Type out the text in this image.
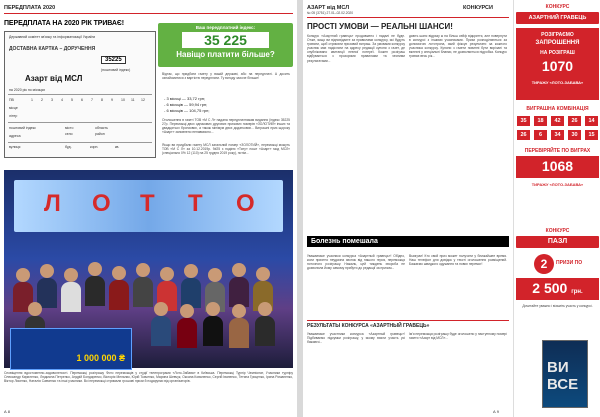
ПЕРЕДПЛАТА 2020
ПЕРЕДПЛАТА НА 2020 РІК ТРИВАЄ!
Державний комітет зв'язку та інформатизації України
ДОСТАВНА КАРТКА – ДОРУЧЕННЯ
35225
(поштовий індекс)
Азарт від МСЛ
на 2020 рік по місяцях
ПВ
місце
літер
1 2 3 4 5 6 7 8 9 10 11 12
поштовий індекс
адреса
місто
село
область
район
вулиця	буд.	корп.	кв.
Ваш передплатний індекс:
35 225
Навіщо платити більше?
Відтак, що придбати газету у вашій державі, або на передплаті. А досить ознайомитися з вартістю передплати. Ту вигоду захоче більше!
- 3 місяці — 33,72 грн;
- 6 місяців — 59,94 грн;
- 6 місяців — 104,75 грн;
Оголошення в газеті ТОВ «М С Л» надана передплатникам видання (індекс 35225 27р. Переможці двох однакових другових призових номерів «ЗОЛОТИЙ» інших та двадцятьох бронзових, а також мінімум двох додаткових... Виграшні приз щороку «Азарт» заповнено ненавмисно...
Якщо ви придбали газету МСЛ загальний номер «ЗОЛОТИЙ», переможці можуть ТОВ «М С Л» за 10.12.2019р. 9#25 з подією «Тату» пошт «Азарт» мод МСЛ» (спеціально 0% 12 (110) на 25 грудня 2019 року), потім...
Л О Т Т О
1 000 000 ₴
Сповіщення вдостоменно-задоволеності. Переможці розіграшу Фото переможців у студії телепрограми «Лото-Забава» в Київська. Переможці Турнір Чемпіонат, Учасники турніру Олександр Кириленко, Людмила Петренко, Андрій Бондаренко, Вікторія Мельник, Юрій Ткаченко, Марина Шевчук, Оксана Коваленко, Сергій Іваненко, Тетяна Гриценко, Ірина Романенко, Віктор Лисенко, Наталія Савченко та інші учасники. Всі переможці отримали грошові призи й подарунки від організаторів.
А 8
АЗАРТ від МСЛ
№ 05 (3751) 27.01–02.02.2020
КОНКУРСИ
ПРОСТІ УМОВИ — РЕАЛЬНІ ШАНСИ!
Конкурс «Азартний гравець» продовжено і надалі не буде. Отже, якщо ви відповідаєте за правилами конкурсу, які будуть тривати, щоб отримати призовий виграш. За умовами конкурсу учасник має надіслати на адресу редакції купони з газет, де опубліковано квитанції певної лотереї. Кожен розіграш відбувається з прозорими правилами та чесними результатами...
дають шанс відразу ж на більш сейф відкриття, але повернути в конкурсі з іншими учасниками. Призи розподіляються за допомогою лототрона, який фіксує результати за кожного учасника конкурсу. Купони з газети повинні бути вирізані та вклеєні у спеціальні бланки, не дозволяється підробка. Конкурс триває весь рік...
Болезнь помешала
Уважаемые учасники конкурса «Азартный гравець»! Обідно, коли приятно неудачна звонок від нашого героя, переможця поточного розіграшу. Нажаль, цей тиждень хвороба не дозволила йому самому прибути до редакції за призом...
Выиграл! Кто свой приз может получити у ближайшее время. Наш телефон для довідок у тексті оголошення розміщений. Бажаємо швидкого одужання та нових перемог!
РЕЗУЛЬТАТЫ КОНКУРСА «АЗАРТНЫЙ ГРАВЕЦЬ»
Уважаемые участники конкурса «Азартный гравець»! Підбиваємо підсумки розіграшу, у якому взяли участь усі бажаючі...
Ім'я переможця розіграшу буде оголошено у наступному номері газети «Азарт від МСЛ»...
А 9
КОНКУРС
АЗАРТНИЙ ГРАВЕЦЬ
РОЗІГРАЄМО
ЗАПРОШЕННЯ
НА РОЗІГРАШ
1070
ТИРАЖУ «ЛОТО-ЗАБАВА»
ВИГРАШНА КОМБІНАЦІЯ
35	18	42	26	14
26	6	34	30	15
ПЕРЕВІРЯЙТЕ ПО ВИГРАХ
1068
ТИРАЖУ «ЛОТО-ЗАБАВА»
КОНКУРС
ПАЗЛ
2	ПРИЗИ ПО
2 500 грн.
Дочитайте уважно і візьміть участь у конкурсі.
ВИ ВСЕ
